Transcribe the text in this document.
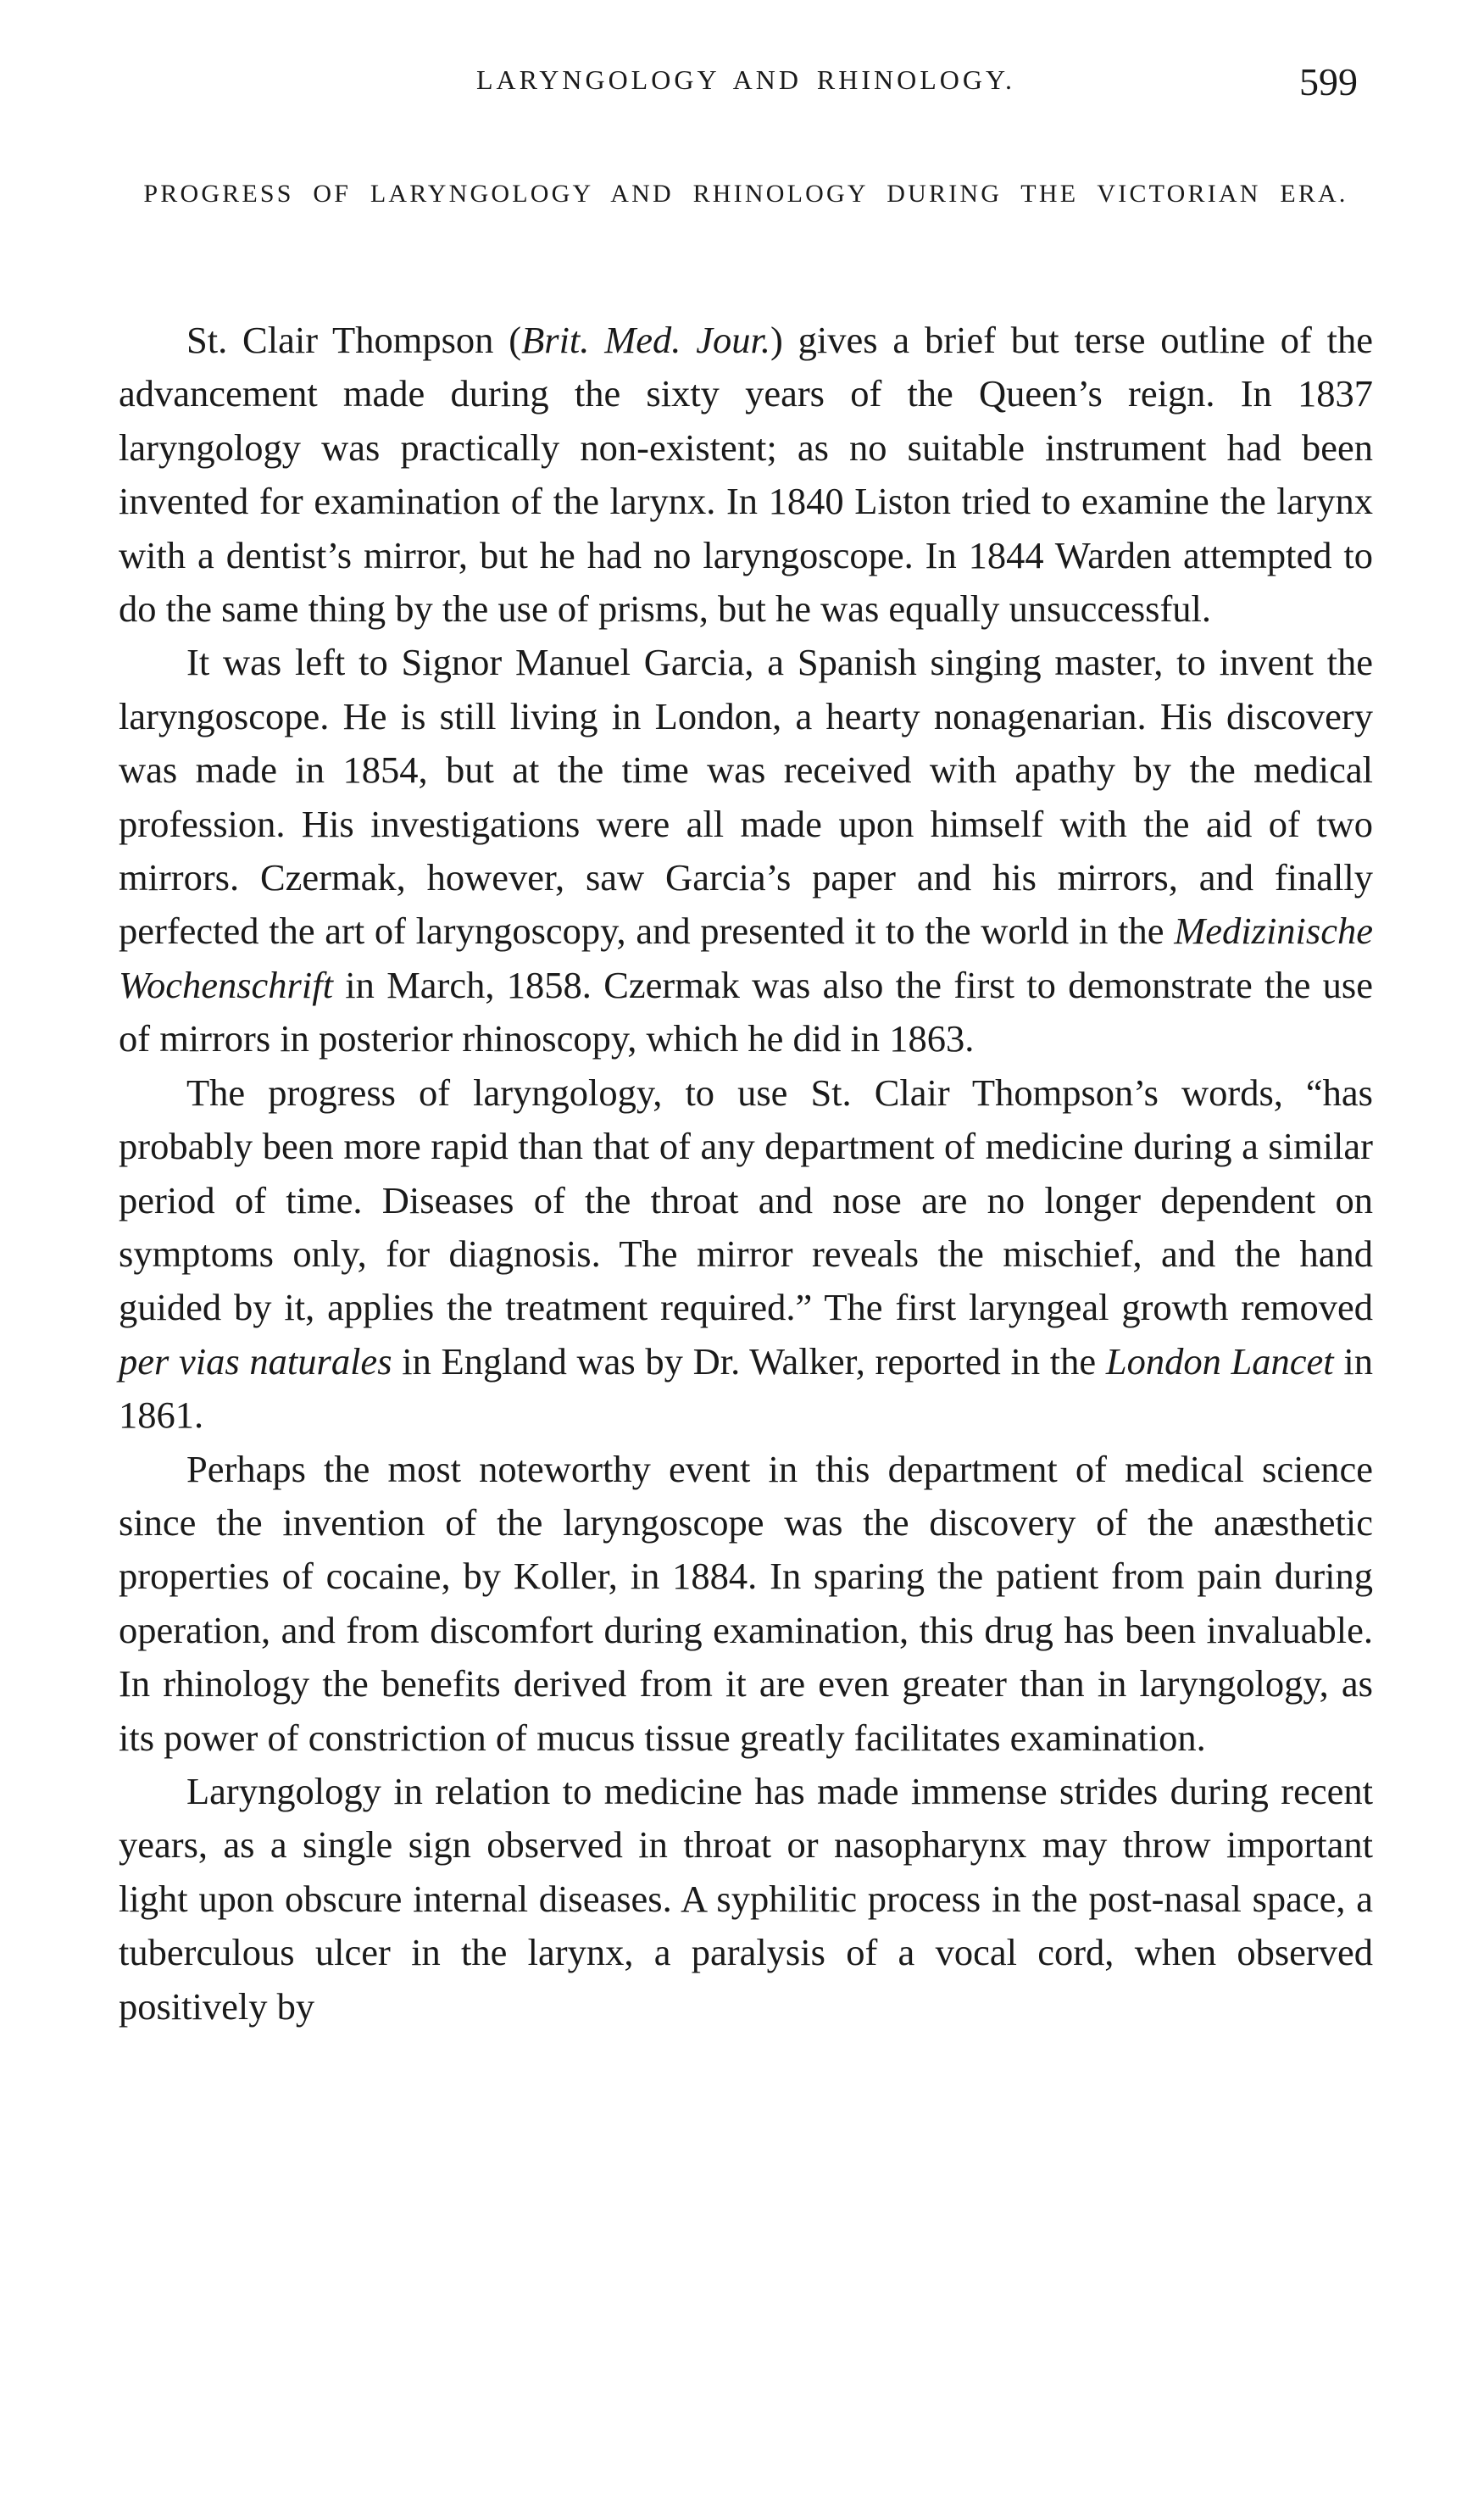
LARYNGOLOGY AND RHINOLOGY.	599
PROGRESS OF LARYNGOLOGY AND RHINOLOGY DURING THE VICTORIAN ERA.

St. Clair Thompson (Brit. Med. Jour.) gives a brief but terse outline of the advancement made during the sixty years of the Queen’s reign. In 1837 laryngology was practically non-existent; as no suitable instrument had been invented for examination of the larynx. In 1840 Liston tried to examine the larynx with a dentist’s mirror, but he had no laryngoscope. In 1844 Warden attempted to do the same thing by the use of prisms, but he was equally unsuccessful.

It was left to Signor Manuel Garcia, a Spanish singing master, to invent the laryngoscope. He is still living in London, a hearty nonagenarian. His discovery was made in 1854, but at the time was received with apathy by the medical profession. His investigations were all made upon himself with the aid of two mirrors. Czermak, however, saw Garcia’s paper and his mirrors, and finally perfected the art of laryngoscopy, and presented it to the world in the Medizinische Wochenschrift in March, 1858. Czermak was also the first to demonstrate the use of mirrors in posterior rhinoscopy, which he did in 1863.

The progress of laryngology, to use St. Clair Thompson’s words, “has probably been more rapid than that of any department of medicine during a similar period of time. Diseases of the throat and nose are no longer dependent on symptoms only, for diagnosis. The mirror reveals the mischief, and the hand guided by it, applies the treatment required.” The first laryngeal growth removed per vias naturales in England was by Dr. Walker, reported in the London Lancet in 1861.

Perhaps the most noteworthy event in this department of medical science since the invention of the laryngoscope was the discovery of the anæsthetic properties of cocaine, by Koller, in 1884. In sparing the patient from pain during operation, and from discomfort during examination, this drug has been invaluable. In rhinology the benefits derived from it are even greater than in laryngology, as its power of constriction of mucus tissue greatly facilitates examination.

Laryngology in relation to medicine has made immense strides during recent years, as a single sign observed in throat or nasopharynx may throw important light upon obscure internal diseases. A syphilitic process in the post-nasal space, a tuberculous ulcer in the larynx, a paralysis of a vocal cord, when observed positively by
